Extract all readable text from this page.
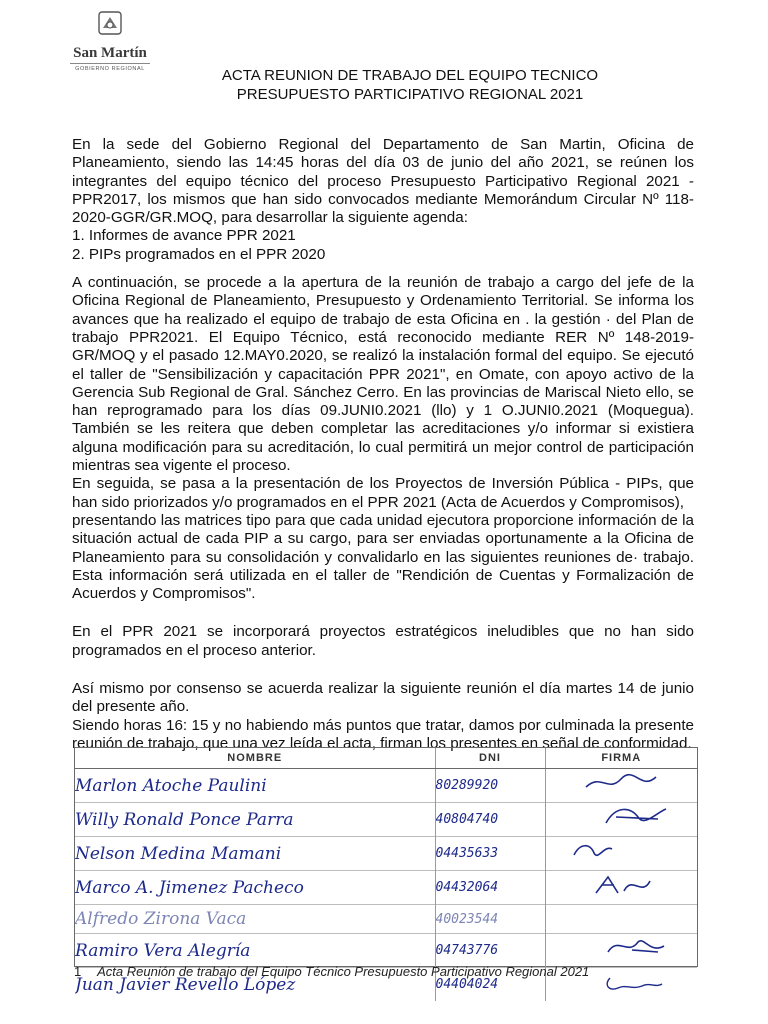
San Martín
GOBIERNO REGIONAL	ACTA REUNION DE TRABAJO DEL EQUIPO TECNICO
PRESUPUESTO PARTICIPATIVO REGIONAL 2021

En la sede del Gobierno Regional del Departamento de San Martin, Oficina de Planeamiento, siendo las 14:45 horas del día 03 de junio del año 2021, se reúnen los integrantes del equipo técnico del proceso Presupuesto Participativo Regional 2021 - PPR2017, los mismos que han sido convocados mediante Memorándum Circular Nº 118-2020-GGR/GR.MOQ, para desarrollar la siguiente agenda:

1. Informes de avance PPR 2021

2. PIPs programados en el PPR 2020

A continuación, se procede a la apertura de la reunión de trabajo a cargo del jefe de la Oficina Regional de Planeamiento, Presupuesto y Ordenamiento Territorial. Se informa los avances que ha realizado el equipo de trabajo de esta Oficina en . la gestión · del Plan de trabajo PPR2021. El Equipo Técnico, está reconocido mediante RER Nº 148-2019-GR/MOQ y el pasado 12.MAY0.2020, se realizó la instalación formal del equipo. Se ejecutó el taller de "Sensibilización y capacitación PPR 2021", en Omate, con apoyo activo de la Gerencia Sub Regional de Gral. Sánchez Cerro. En las provincias de Mariscal Nieto ello, se han reprogramado para los días 09.JUNI0.2021 (llo) y 1 O.JUNI0.2021 (Moquegua). También se les reitera que deben completar las acreditaciones y/o informar si existiera alguna modificación para su acreditación, lo cual permitirá un mejor control de participación mientras sea vigente el proceso.

En seguida, se pasa a la presentación de los Proyectos de Inversión Pública - PIPs, que han sido priorizados y/o programados en el PPR 2021 (Acta de Acuerdos y Compromisos),

presentando las matrices tipo para que cada unidad ejecutora proporcione información de la situación actual de cada PIP a su cargo, para ser enviadas oportunamente a la Oficina de Planeamiento para su consolidación y convalidarlo en las siguientes reuniones de· trabajo. Esta información será utilizada en el taller de "Rendición de Cuentas y Formalización de Acuerdos y Compromisos".

En el PPR 2021 se incorporará proyectos estratégicos ineludibles que no han sido programados en el proceso anterior.

Así mismo por consenso se acuerda realizar la siguiente reunión el día martes 14 de junio del presente año.

Siendo horas 16: 15 y no habiendo más puntos que tratar, damos por culminada la presente reunión de trabajo, que una vez leída el acta, firman los presentes en señal de conformidad.

NOMBRE	DNI	FIRMA
Marlon Atoche Paulini	80289920	
Willy Ronald Ponce Parra	40804740	
Nelson Medina Mamani	04435633	
Marco A. Jimenez Pacheco	04432064	
Alfredo Zirona Vaca	40023544	
Ramiro Vera Alegría	04743776	
Juan Javier Revello López	04404024	
1 Acta Reunión de trabajo del Equipo Técnico Presupuesto Participativo Regional 2021
